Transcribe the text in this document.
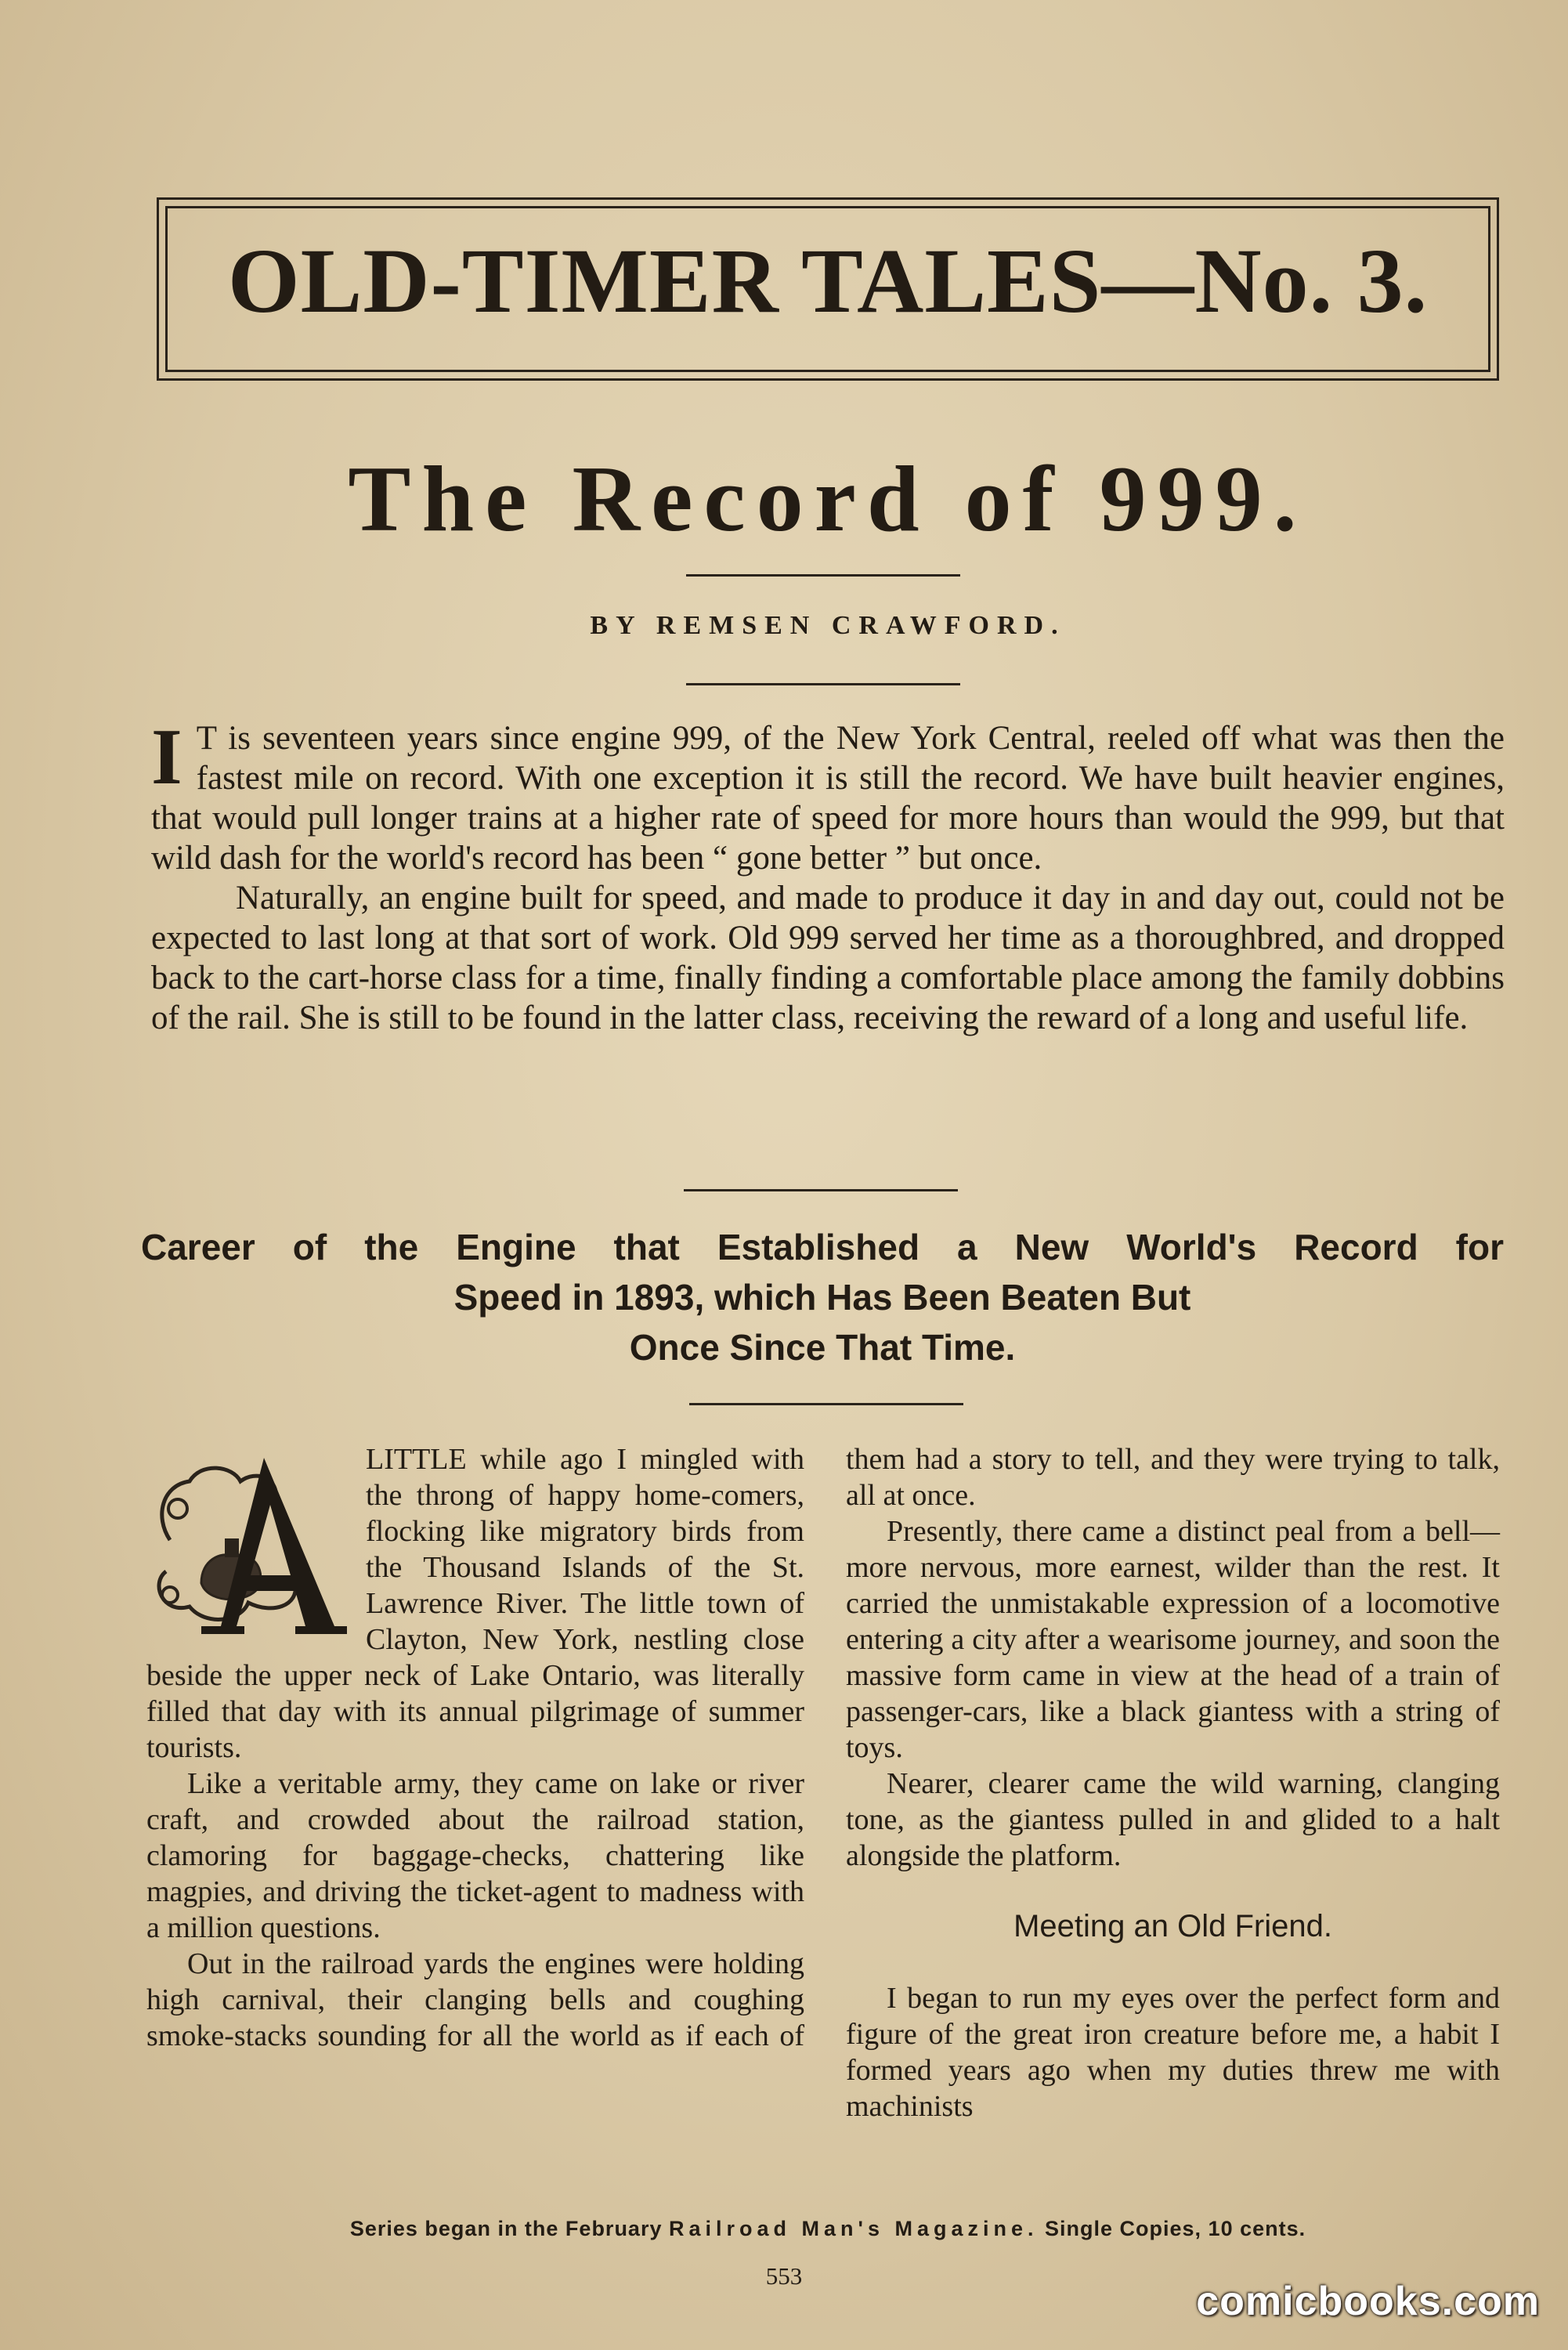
OLD-TIMER TALES—No. 3.
The Record of 999.
BY REMSEN CRAWFORD.
I T is seventeen years since engine 999, of the New York Central, reeled off what was then the fastest mile on record. With one exception it is still the record. We have built heavier engines, that would pull longer trains at a higher rate of speed for more hours than would the 999, but that wild dash for the world's record has been “ gone better ” but once.

Naturally, an engine built for speed, and made to produce it day in and day out, could not be expected to last long at that sort of work. Old 999 served her time as a thoroughbred, and dropped back to the cart-horse class for a time, finally finding a comfortable place among the family dobbins of the rail. She is still to be found in the latter class, receiving the reward of a long and useful life.

Career of the Engine that Established a New World's Record for
Speed in 1893, which Has Been Beaten But
Once Since That Time.

LITTLE while ago I mingled with the throng of happy home-comers, flocking like migratory birds from the Thousand Islands of the St. Lawrence River. The little town of Clayton, New York, nestling close beside the upper neck of Lake Ontario, was literally filled that day with its annual pilgrimage of summer tourists.

Like a veritable army, they came on lake or river craft, and crowded about the railroad station, clamoring for baggage-checks, chattering like magpies, and driving the ticket-agent to madness with a million questions.

Out in the railroad yards the engines were holding high carnival, their clanging bells and coughing smoke-stacks sounding for all the world as if each of

them had a story to tell, and they were trying to talk, all at once.

Presently, there came a distinct peal from a bell—more nervous, more earnest, wilder than the rest. It carried the unmistakable expression of a locomotive entering a city after a wearisome journey, and soon the massive form came in view at the head of a train of passenger-cars, like a black giantess with a string of toys.

Nearer, clearer came the wild warning, clanging tone, as the giantess pulled in and glided to a halt alongside the platform.

Meeting an Old Friend.

I began to run my eyes over the perfect form and figure of the great iron creature before me, a habit I formed years ago when my duties threw me with machinists

Series began in the February Railroad Man's Magazine. Single Copies, 10 cents.
553
comicbooks.com
